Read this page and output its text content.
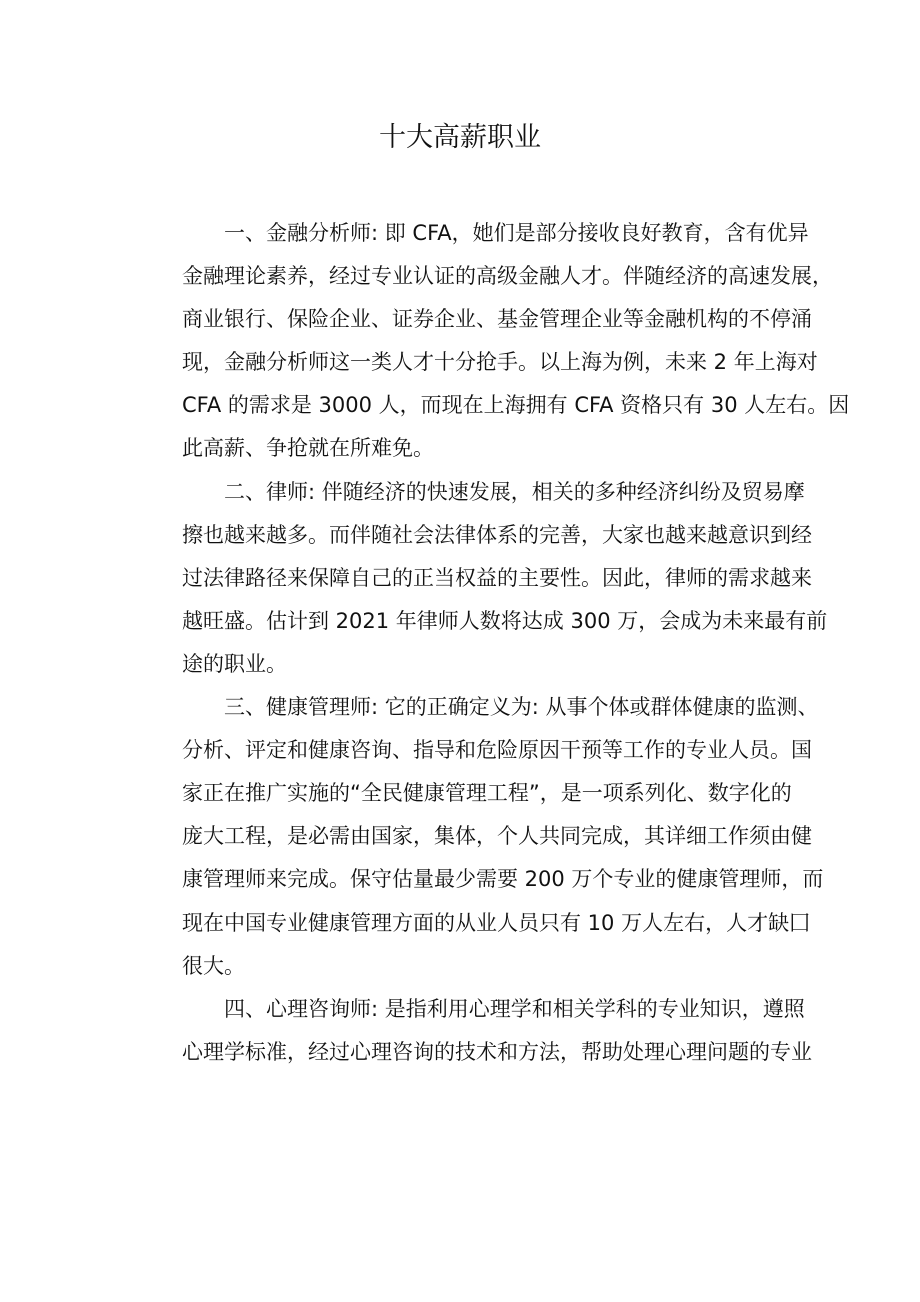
十大高薪职业
一、金融分析师: 即 CFA，她们是部分接收良好教育，含有优异
金融理论素养，经过专业认证的高级金融人才。伴随经济的高速发展，
商业银行、保险企业、证券企业、基金管理企业等金融机构的不停涌
现，金融分析师这一类人才十分抢手。以上海为例，未来 2 年上海对
CFA 的需求是 3000 人，而现在上海拥有 CFA 资格只有 30 人左右。因
此高薪、争抢就在所难免。
二、律师: 伴随经济的快速发展，相关的多种经济纠纷及贸易摩
擦也越来越多。而伴随社会法律体系的完善，大家也越来越意识到经
过法律路径来保障自己的正当权益的主要性。因此，律师的需求越来
越旺盛。估计到 2021 年律师人数将达成 300 万，会成为未来最有前
途的职业。
三、健康管理师: 它的正确定义为: 从事个体或群体健康的监测、
分析、评定和健康咨询、指导和危险原因干预等工作的专业人员。国
家正在推广实施的“全民健康管理工程”，是一项系列化、数字化的
庞大工程，是必需由国家，集体，个人共同完成，其详细工作须由健
康管理师来完成。保守估量最少需要 200 万个专业的健康管理师，而
现在中国专业健康管理方面的从业人员只有 10 万人左右，人才缺囗
很大。
四、心理咨询师: 是指利用心理学和相关学科的专业知识，遵照
心理学标准，经过心理咨询的技术和方法，帮助处理心理问题的专业
